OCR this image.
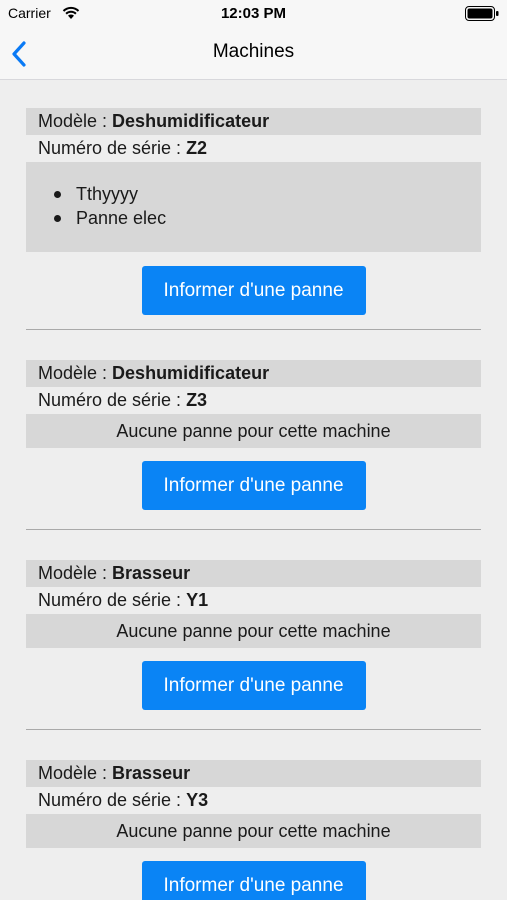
Carrier	12:03 PM
Machines
Modèle : Deshumidificateur
Numéro de série : Z2
Tthyyyy
Panne elec
Informer d'une panne
Modèle : Deshumidificateur
Numéro de série : Z3
Aucune panne pour cette machine
Informer d'une panne
Modèle : Brasseur
Numéro de série : Y1
Aucune panne pour cette machine
Informer d'une panne
Modèle : Brasseur
Numéro de série : Y3
Aucune panne pour cette machine
Informer d'une panne
